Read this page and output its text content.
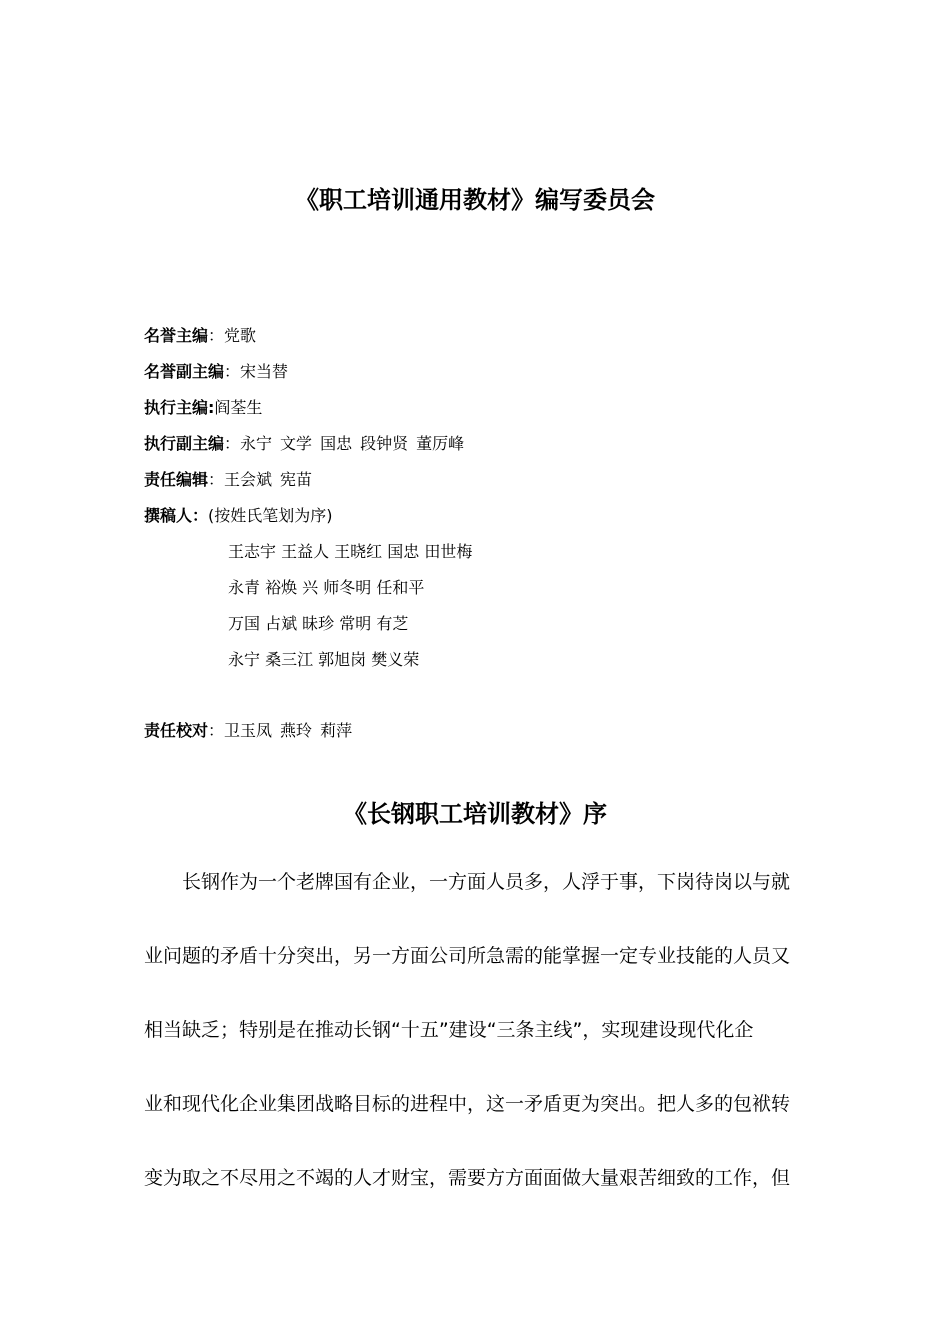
《职工培训通用教材》编写委员会
名誉主编：党歌
名誉副主编：宋当替
执行主编:阎荃生
执行副主编：永宁 文学 国忠 段钟贤 董厉峰
责任编辑：王会斌 宪苗
撰稿人：(按姓氏笔划为序)
王志宇 王益人 王晓红 国忠 田世梅
永青 裕焕 兴 师冬明 任和平
万国 占斌 昧珍 常明 有芝
永宁 桑三江 郭旭岗 樊义荣
责任校对：卫玉凤 燕玲 莉萍
《长钢职工培训教材》序
长钢作为一个老牌国有企业，一方面人员多，人浮于事，下岗待岗以与就
业问题的矛盾十分突出，另一方面公司所急需的能掌握一定专业技能的人员又
相当缺乏；特别是在推动长钢“十五”建设“三条主线”，实现建设现代化企
业和现代化企业集团战略目标的进程中，这一矛盾更为突出。把人多的包袱转
变为取之不尽用之不竭的人才财宝，需要方方面面做大量艰苦细致的工作，但
